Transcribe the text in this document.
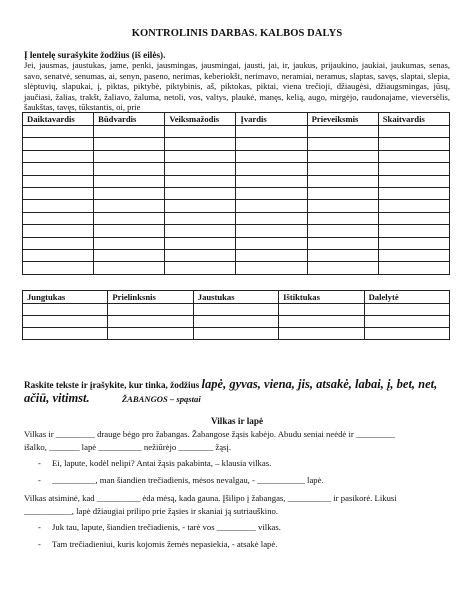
KONTROLINIS DARBAS. KALBOS DALYS
Į lentelę surašykite žodžius (iš eilės).
Jei, jausmas, jaustukas, jame, penki, jausmingas, jausmingai, jausti, jai, ir, jaukus, prijaukino, jaukiai, jaukumas, senas, savo, senatvė, senumas, ai, senyn, paseno, nerimas, keberiokšt, nerimavo, neramiai, neramus, slaptas, savęs, slaptai, slepia, slėptuvių, slapukai, į, piktas, piktybė, piktybinis, aš, piktokas, piktai, viena trečioji, džiaugėsi, džiaugsmingas, jūsų, jaučiasi, žalias, trakšt, žaliavo, žaluma, netoli, vos, valtys, plaukė, manęs, kelią, augo, mirgėjo, raudonajame, vieversėlis, šaukštas, tavęs, tūkstantis, oi, prie
Daiktavardis	Būdvardis	Veiksmažodis	Įvardis	Prieveiksmis	Skaitvardis

Jungtukas	Prielinksnis	Jaustukas	Ištiktukas	Dalelytė

Raskite tekste ir įrašykite, kur tinka, žodžius lapė, gyvas, viena, jis, atsakė, labai, į, bet, net, ačiū, vitimst.	ŽABANGOS – spąstai
Vilkas ir lapė
Vilkas ir _________ drauge bėgo pro žabangas. Žabangose žąsis kabėjo. Abudu seniai neėdė ir _________
išalko, _______ lapė __________ nežiūrėjo ________ žąsį.
- Ei, lapute, kodėl nelipi? Antai žąsis pakabinta, – klausia vilkas.
- __________, man šiandien trečiadienis, mėsos nevalgau, - ___________ lapė.
Vilkas atsiminė, kad __________ ėda mėsą, kada gauna. Įšilipo į žabangas, __________ ir pasikorė. Likusi
___________, lapė džiaugiai prilipo prie žąsies ir skaniai ją sutriauškino.
- Juk tau, lapute, šiandien trečiadienis, - tarė vos _________ vilkas.
- Tam trečiadieniui, kuris kojomis žemės nepasiekia, - atsakė lapė.
